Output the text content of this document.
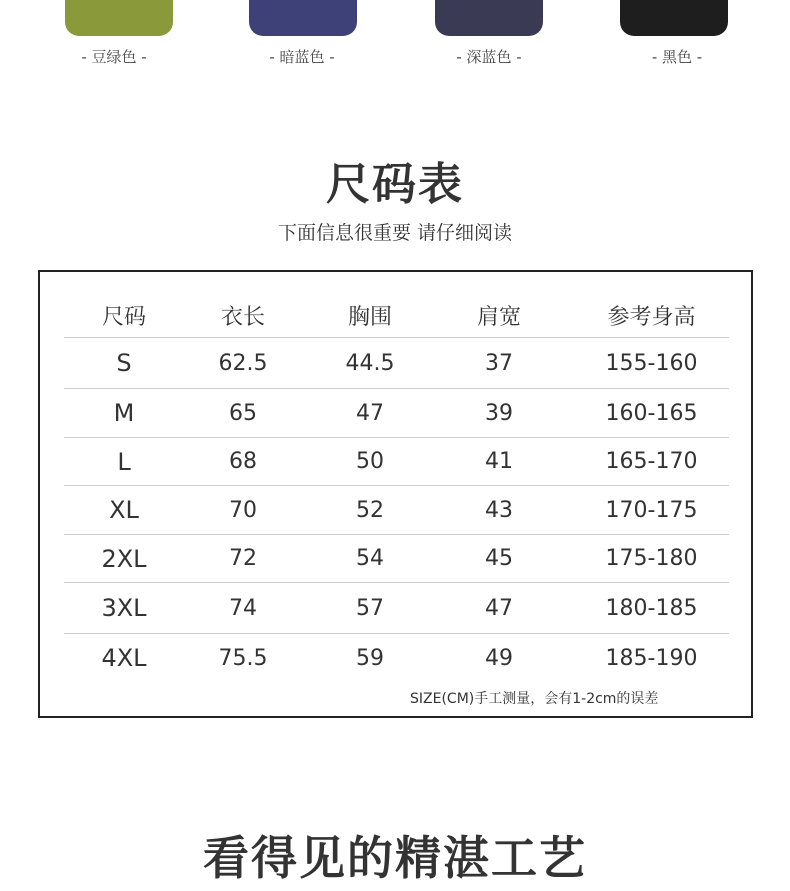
- 豆绿色 -	- 暗蓝色 -	- 深蓝色 -	- 黑色 -
尺码表
下面信息很重要 请仔细阅读
尺码	衣长	胸围	肩宽	参考身高
S	62.5	44.5	37	155-160
M	65	47	39	160-165
L	68	50	41	165-170
XL	70	52	43	170-175
2XL	72	54	45	175-180
3XL	74	57	47	180-185
4XL	75.5	59	49	185-190
SIZE(CM)手工测量，会有1-2cm的误差
看得见的精湛工艺
